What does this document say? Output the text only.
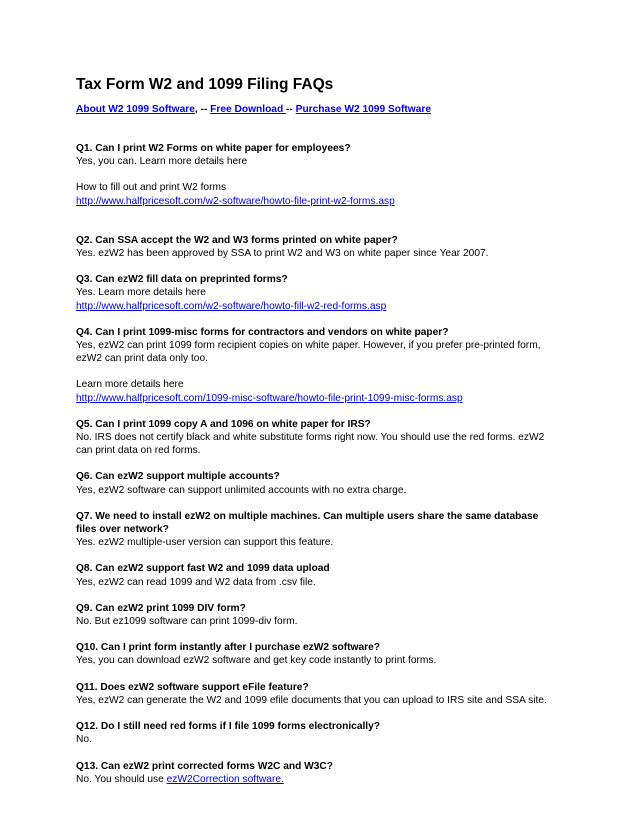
Tax Form W2 and 1099 Filing FAQs
About W2 1099 Software, -- Free Download -- Purchase W2 1099 Software

Q1. Can I print W2 Forms on white paper for employees?

Yes, you can. Learn more details here

How to fill out and print W2 forms

http://www.halfpricesoft.com/w2-software/howto-file-print-w2-forms.asp

Q2. Can SSA accept the W2 and W3 forms printed on white paper?

Yes. ezW2 has been approved by SSA to print W2 and W3 on white paper since Year 2007.

Q3. Can ezW2 fill data on preprinted forms?

Yes. Learn more details here

http://www.halfpricesoft.com/w2-software/howto-fill-w2-red-forms.asp

Q4. Can I print 1099-misc forms for contractors and vendors on white paper?

Yes, ezW2 can print 1099 form recipient copies on white paper. However, if you prefer pre-printed form,

ezW2 can print data only too.

Learn more details here

http://www.halfpricesoft.com/1099-misc-software/howto-file-print-1099-misc-forms.asp

Q5. Can I print 1099 copy A and 1096 on white paper for IRS?

No. IRS does not certify black and white substitute forms right now. You should use the red forms. ezW2

can print data on red forms.

Q6. Can ezW2 support multiple accounts?

Yes, ezW2 software can support unlimited accounts with no extra charge.

Q7. We need to install ezW2 on multiple machines. Can multiple users share the same database

files over network?

Yes. ezW2 multiple-user version can support this feature.

Q8. Can ezW2 support fast W2 and 1099 data upload

Yes, ezW2 can read 1099 and W2 data from .csv file.

Q9. Can ezW2 print 1099 DIV form?

No. But ez1099 software can print 1099-div form.

Q10. Can I print form instantly after I purchase ezW2 software?

Yes, you can download ezW2 software and get key code instantly to print forms.

Q11. Does ezW2 software support eFile feature?

Yes, ezW2 can generate the W2 and 1099 efile documents that you can upload to IRS site and SSA site.

Q12. Do I still need red forms if I file 1099 forms electronically?

No.

Q13. Can ezW2 print corrected forms W2C and W3C?

No. You should use ezW2Correction software.
